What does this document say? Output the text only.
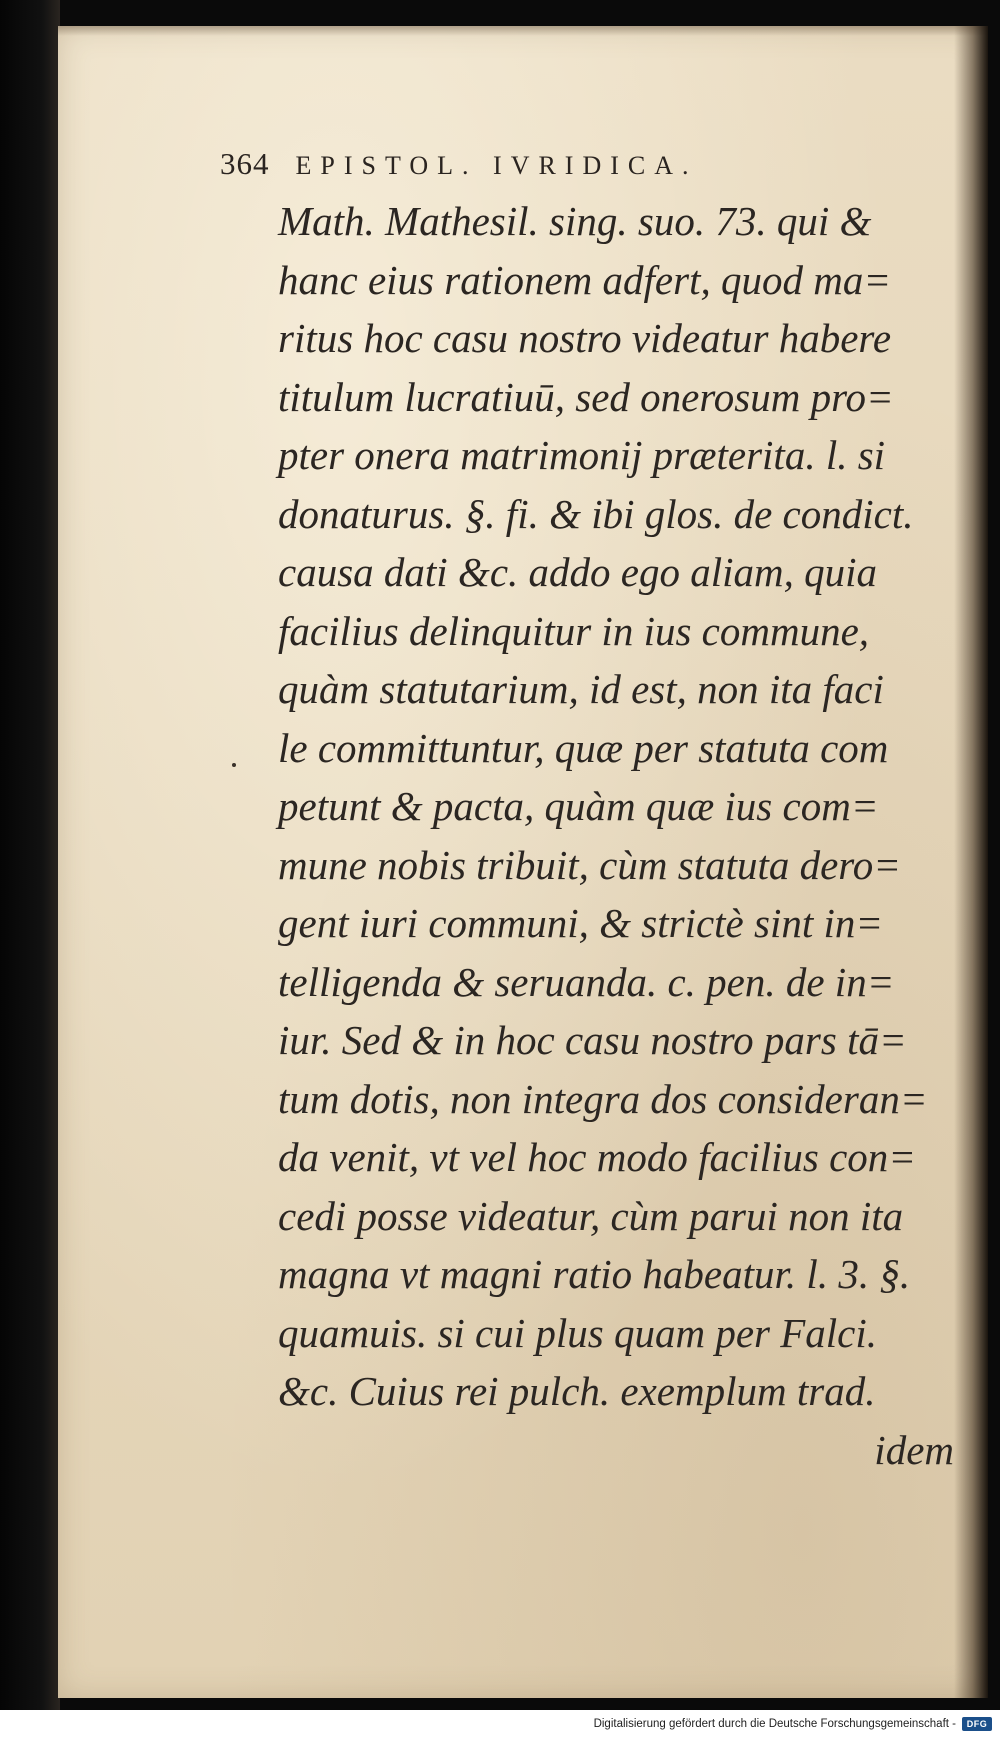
364 EPISTOL. IVRIDICA.
Math. Mathesil. sing. suo. 73. qui &
hanc eius rationem adfert, quod ma=
ritus hoc casu nostro videatur habere
titulum lucratiuū, sed onerosum pro=
pter onera matrimonij præterita. l. si
donaturus. §. fi. & ibi glos. de condict.
causa dati &c. addo ego aliam, quia
facilius delinquitur in ius commune,
quàm statutarium, id est, non ita faci
le committuntur, quæ per statuta com
petunt & pacta, quàm quæ ius com=
mune nobis tribuit, cùm statuta dero=
gent iuri communi, & strictè sint in=
telligenda & seruanda. c. pen. de in=
iur. Sed & in hoc casu nostro pars tā=
tum dotis, non integra dos consideran=
da venit, vt vel hoc modo facilius con=
cedi posse videatur, cùm parui non ita
magna vt magni ratio habeatur. l. 3. §.
quamuis. si cui plus quam per Falci.
&c. Cuius rei pulch. exemplum trad.
idem
Digitalisierung gefördert durch die Deutsche Forschungsgemeinschaft -	DFG
